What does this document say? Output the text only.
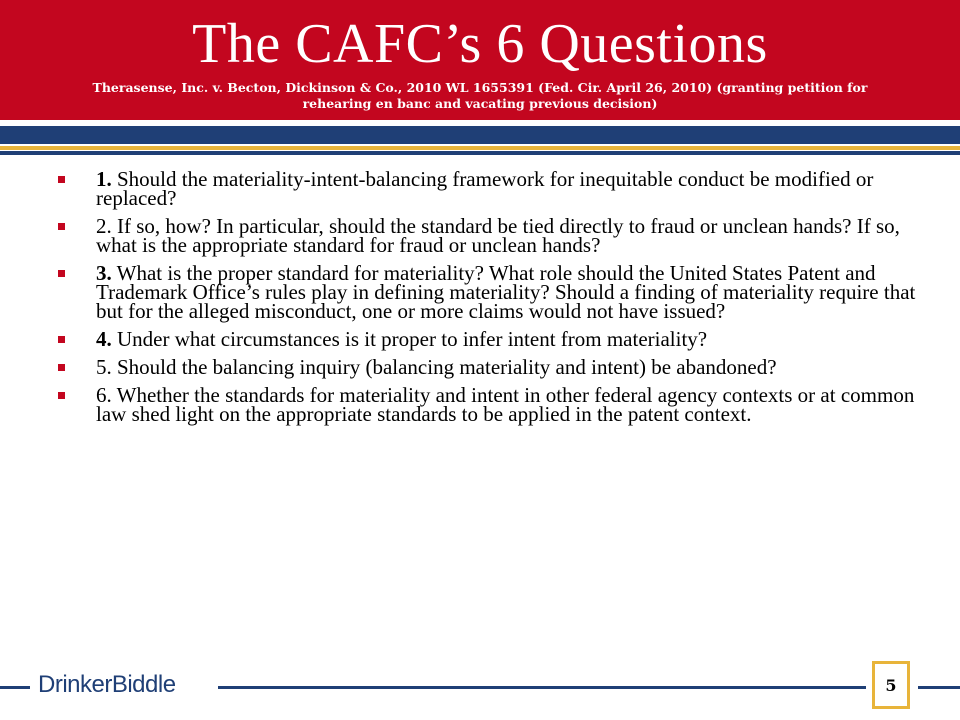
The CAFC’s 6 Questions
Therasense, Inc. v. Becton, Dickinson & Co., 2010 WL 1655391 (Fed. Cir. April 26, 2010) (granting petition for rehearing en banc and vacating previous decision)
1. Should the materiality-intent-balancing framework for inequitable conduct be modified or replaced?
2. If so, how? In particular, should the standard be tied directly to fraud or unclean hands? If so, what is the appropriate standard for fraud or unclean hands?
3. What is the proper standard for materiality? What role should the United States Patent and Trademark Office’s rules play in defining materiality? Should a finding of materiality require that but for the alleged misconduct, one or more claims would not have issued?
4. Under what circumstances is it proper to infer intent from materiality?
5. Should the balancing inquiry (balancing materiality and intent) be abandoned?
6. Whether the standards for materiality and intent in other federal agency contexts or at common law shed light on the appropriate standards to be applied in the patent context.
DrinkerBiddle	5
